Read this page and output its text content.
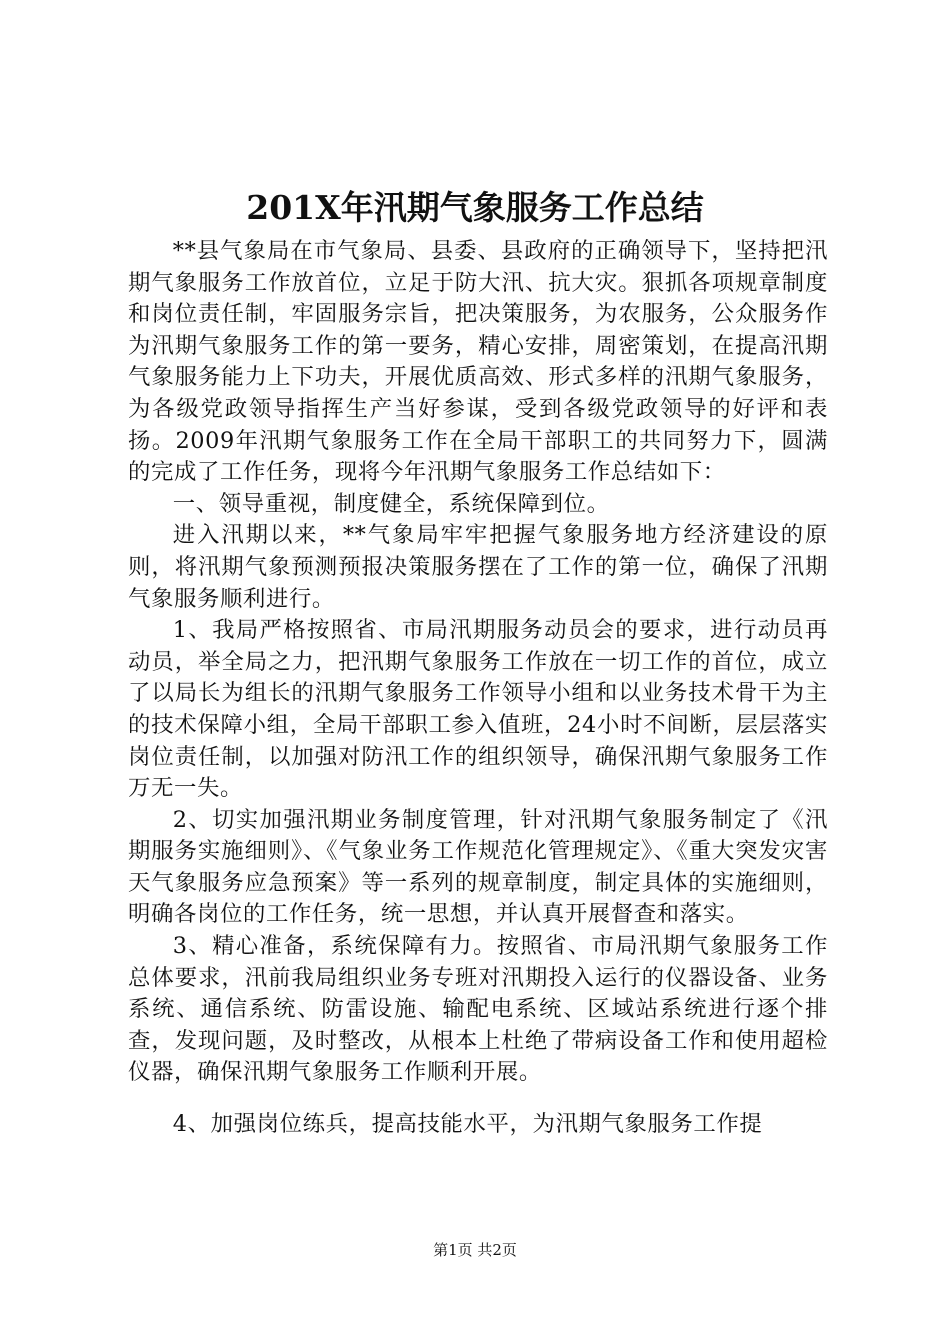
201X年汛期气象服务工作总结

**县气象局在市气象局、县委、县政府的正确领导下，坚持把汛期气象服务工作放首位，立足于防大汛、抗大灾。狠抓各项规章制度和岗位责任制，牢固服务宗旨，把决策服务，为农服务，公众服务作为汛期气象服务工作的第一要务，精心安排，周密策划，在提高汛期气象服务能力上下功夫，开展优质高效、形式多样的汛期气象服务，为各级党政领导指挥生产当好参谋，受到各级党政领导的好评和表扬。2009年汛期气象服务工作在全局干部职工的共同努力下，圆满的完成了工作任务，现将今年汛期气象服务工作总结如下：

一、领导重视，制度健全，系统保障到位。

进入汛期以来，**气象局牢牢把握气象服务地方经济建设的原则，将汛期气象预测预报决策服务摆在了工作的第一位，确保了汛期气象服务顺利进行。

1、我局严格按照省、市局汛期服务动员会的要求，进行动员再动员，举全局之力，把汛期气象服务工作放在一切工作的首位，成立了以局长为组长的汛期气象服务工作领导小组和以业务技术骨干为主的技术保障小组，全局干部职工参入值班，24小时不间断，层层落实岗位责任制，以加强对防汛工作的组织领导，确保汛期气象服务工作万无一失。

2、切实加强汛期业务制度管理，针对汛期气象服务制定了《汛期服务实施细则》、《气象业务工作规范化管理规定》、《重大突发灾害天气象服务应急预案》等一系列的规章制度，制定具体的实施细则，明确各岗位的工作任务，统一思想，并认真开展督查和落实。

3、精心准备，系统保障有力。按照省、市局汛期气象服务工作总体要求，汛前我局组织业务专班对汛期投入运行的仪器设备、业务系统、通信系统、防雷设施、输配电系统、区域站系统进行逐个排查，发现问题，及时整改，从根本上杜绝了带病设备工作和使用超检仪器，确保汛期气象服务工作顺利开展。

4、加强岗位练兵，提高技能水平，为汛期气象服务工作提

第1页 共2页
